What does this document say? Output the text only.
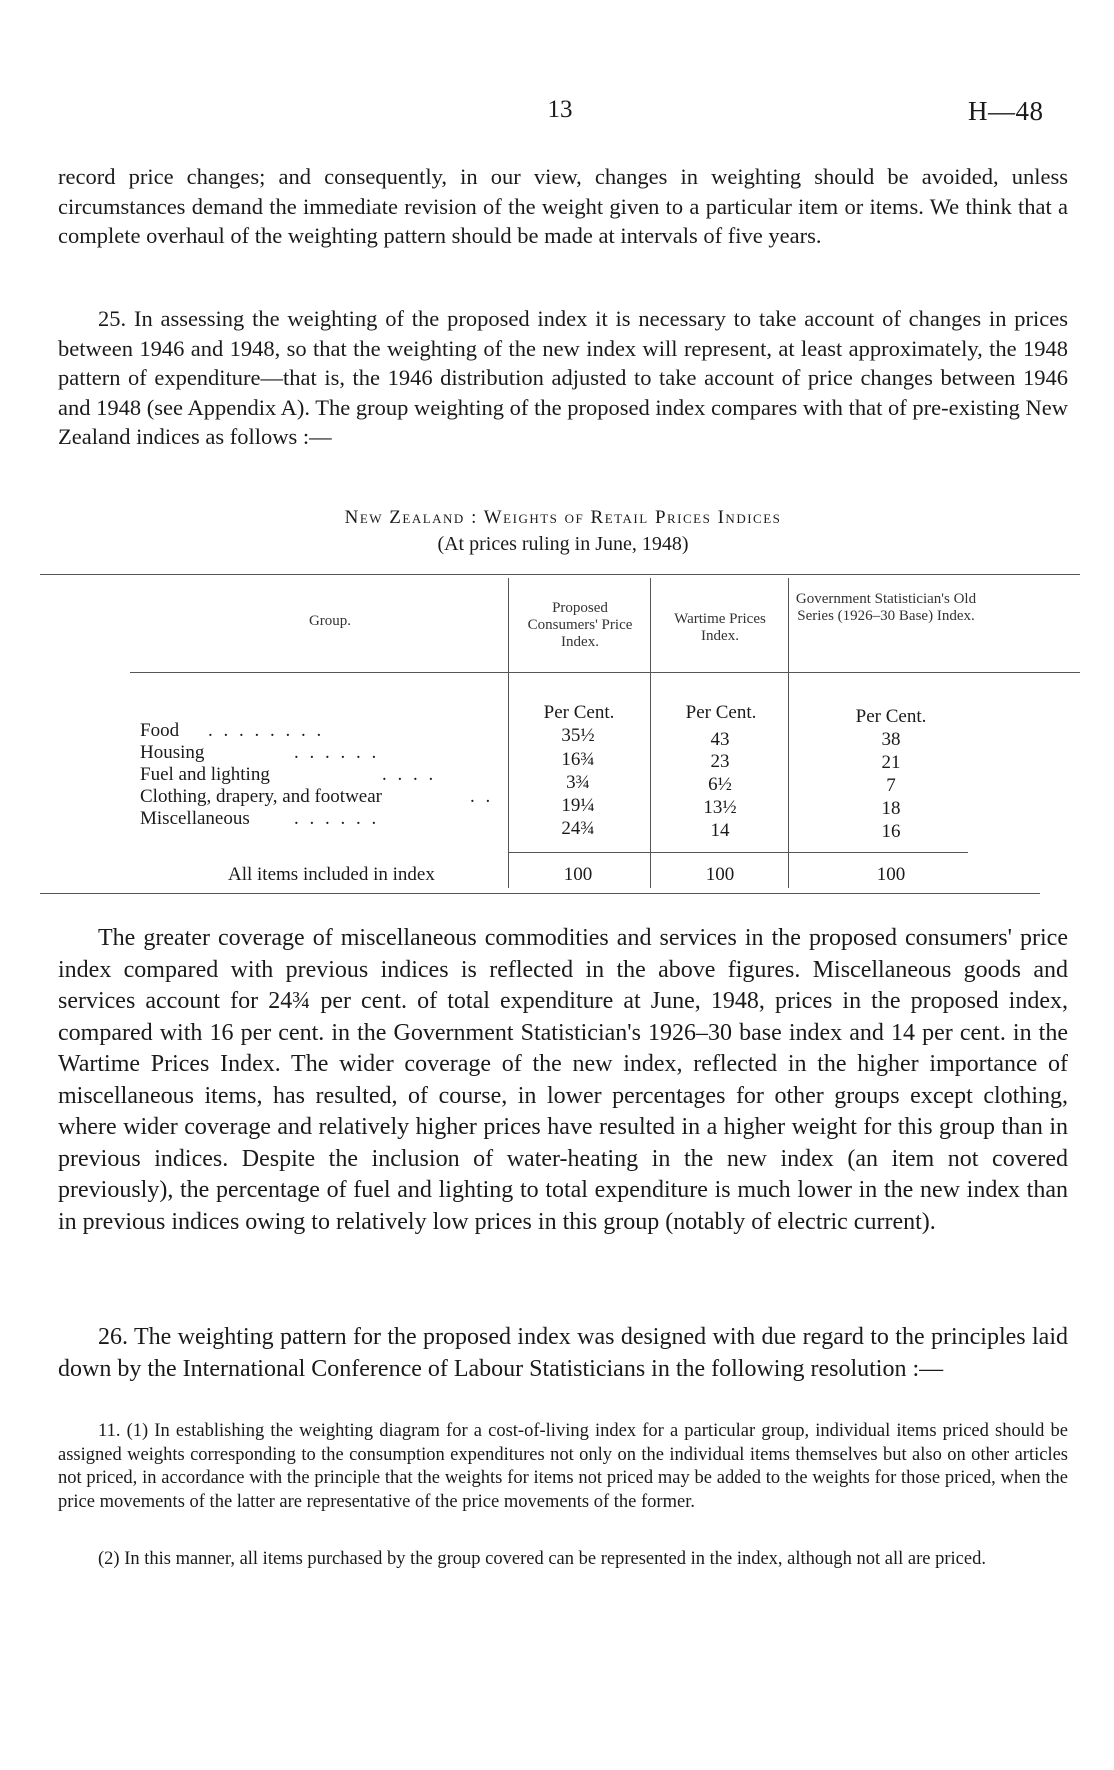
13	H—48

record price changes; and consequently, in our view, changes in weighting should be avoided, unless circumstances demand the immediate revision of the weight given to a particular item or items. We think that a complete overhaul of the weighting pattern should be made at intervals of five years.

25. In assessing the weighting of the proposed index it is necessary to take account of changes in prices between 1946 and 1948, so that the weighting of the new index will represent, at least approximately, the 1948 pattern of expenditure—that is, the 1946 distribution adjusted to take account of price changes between 1946 and 1948 (see Appendix A). The group weighting of the proposed index compares with that of pre-existing New Zealand indices as follows :—

New Zealand : Weights of Retail Prices Indices
(At prices ruling in June, 1948)
Group.
Proposed Consumers' Price Index.
Wartime Prices Index.
Government Statistician's Old Series (1926–30 Base) Index.
Per Cent.	Per Cent.	Per Cent.
Food . . . . . . . .	35½	43	38
Housing	. . . . . .	16¾	23	21
Fuel and lighting	. . . .	3¾	6½	7
Clothing, drapery, and footwear	. .	19¼	13½	18
Miscellaneous . . . . . .	24¾	14	16
All items included in index	100	100	100

The greater coverage of miscellaneous commodities and services in the proposed consumers' price index compared with previous indices is reflected in the above figures. Miscellaneous goods and services account for 24¾ per cent. of total expenditure at June, 1948, prices in the proposed index, compared with 16 per cent. in the Government Statistician's 1926–30 base index and 14 per cent. in the Wartime Prices Index. The wider coverage of the new index, reflected in the higher importance of miscellaneous items, has resulted, of course, in lower percentages for other groups except clothing, where wider coverage and relatively higher prices have resulted in a higher weight for this group than in previous indices. Despite the inclusion of water-heating in the new index (an item not covered previously), the percentage of fuel and lighting to total expenditure is much lower in the new index than in previous indices owing to relatively low prices in this group (notably of electric current).

26. The weighting pattern for the proposed index was designed with due regard to the principles laid down by the International Conference of Labour Statisticians in the following resolution :—

11. (1) In establishing the weighting diagram for a cost-of-living index for a particular group, individual items priced should be assigned weights corresponding to the consumption expenditures not only on the individual items themselves but also on other articles not priced, in accordance with the principle that the weights for items not priced may be added to the weights for those priced, when the price movements of the latter are representative of the price movements of the former.

(2) In this manner, all items purchased by the group covered can be represented in the index, although not all are priced.
